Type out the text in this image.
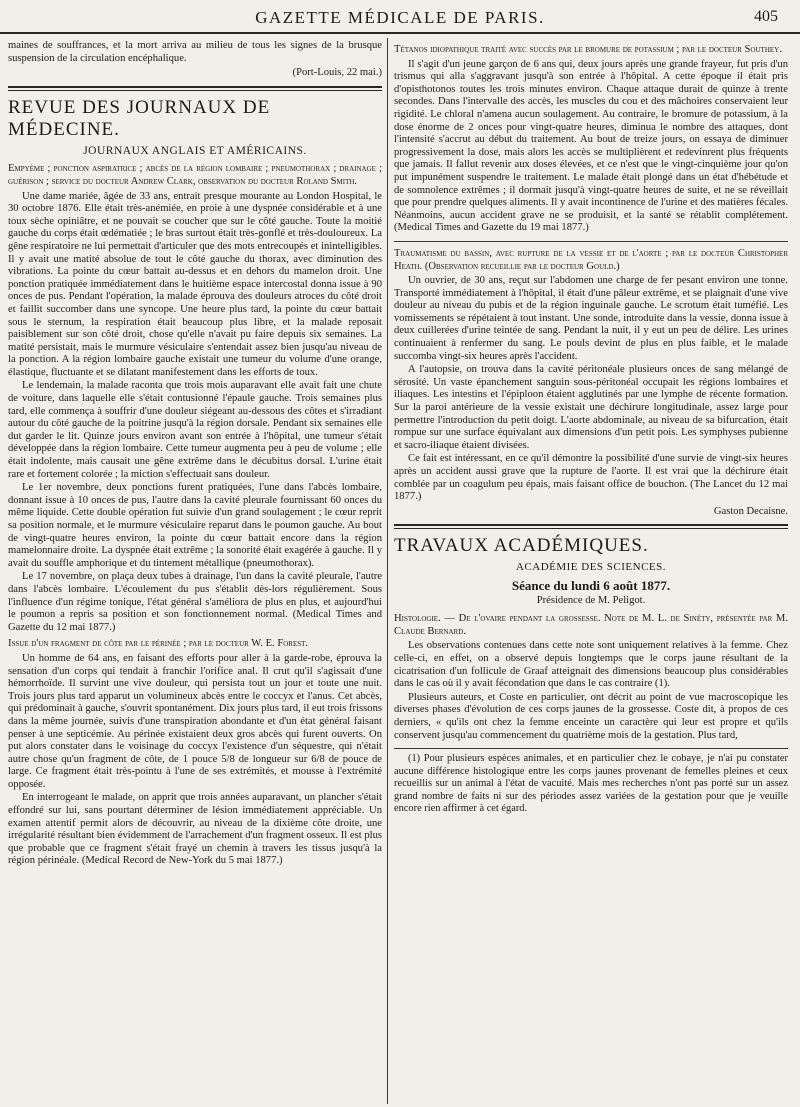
GAZETTE MÉDICALE DE PARIS.	405

maines de souffrances, et la mort arriva au milieu de tous les signes de la brusque suspension de la circulation encéphalique.

(Port-Louis, 22 mai.)

REVUE DES JOURNAUX DE MÉDECINE.
JOURNAUX ANGLAIS ET AMÉRICAINS.

Empyème ; ponction aspiratrice ; abcès de la région lombaire ; pneumothorax ; drainage ; guérison ; service du docteur Andrew Clark, observation du docteur Roland Smith.

Une dame mariée, âgée de 33 ans, entrait presque mourante au London Hospital, le 30 octobre 1876. Elle était très-anémiée, en proie à une dyspnée considérable et à une toux sèche opiniâtre, et ne pouvait se coucher que sur le côté gauche. Toute la moitié gauche du corps était œdématiée ; le bras surtout était très-gonflé et très-douloureux. La gêne respiratoire ne lui permettait d'articuler que des mots entrecoupés et inintelligibles. Il y avait une matité absolue de tout le côté gauche du thorax, avec diminution des vibrations. La pointe du cœur battait au-dessus et en dehors du mamelon droit. Une ponction pratiquée immédiatement dans le huitième espace intercostal donna issue à 90 onces de pus. Pendant l'opération, la malade éprouva des douleurs atroces du côté droit et faillit succomber dans une syncope. Une heure plus tard, la pointe du cœur battait sous le sternum, la respiration était beaucoup plus libre, et la malade reposait paisiblement sur son côté droit, chose qu'elle n'avait pu faire depuis six semaines. La matité persistait, mais le murmure vésiculaire s'entendait assez bien jusqu'au niveau de la ponction. A la région lombaire gauche existait une tumeur du volume d'une orange, élastique, fluctuante et se dilatant manifestement dans les efforts de toux.

Le lendemain, la malade raconta que trois mois auparavant elle avait fait une chute de voiture, dans laquelle elle s'était contusionné l'épaule gauche. Trois semaines plus tard, elle commença à souffrir d'une douleur siégeant au-dessous des côtes et s'irradiant autour du côté gauche de la poitrine jusqu'à la région dorsale. Pendant six semaines elle dut garder le lit. Quinze jours environ avant son entrée à l'hôpital, une tumeur s'était développée dans la région lombaire. Cette tumeur augmenta peu à peu de volume ; elle était indolente, mais causait une gêne extrême dans le décubitus dorsal. L'urine était rare et fortement colorée ; la miction s'effectuait sans douleur.

Le 1er novembre, deux ponctions furent pratiquées, l'une dans l'abcès lombaire, donnant issue à 10 onces de pus, l'autre dans la cavité pleurale fournissant 60 onces du même liquide. Cette double opération fut suivie d'un grand soulagement ; le cœur reprit sa position normale, et le murmure vésiculaire reparut dans le poumon gauche. Au bout de vingt-quatre heures environ, la pointe du cœur battait encore dans la région mamelonnaire droite. La dyspnée était extrême ; la sonorité était exagérée à gauche. Il y avait du souffle amphorique et du tintement métallique (pneumothorax).

Le 17 novembre, on plaça deux tubes à drainage, l'un dans la cavité pleurale, l'autre dans l'abcès lombaire. L'écoulement du pus s'établit dès-lors régulièrement. Sous l'influence d'un régime tonique, l'état général s'améliora de plus en plus, et aujourd'hui le poumon a repris sa position et son fonctionnement normal. (Medical Times and Gazette du 12 mai 1877.)

Issue d'un fragment de côte par le périnée ; par le docteur W. E. Forest.

Un homme de 64 ans, en faisant des efforts pour aller à la garde-robe, éprouva la sensation d'un corps qui tendait à franchir l'orifice anal. Il crut qu'il s'agissait d'une hémorrhoïde. Il survint une vive douleur, qui persista tout un jour et toute une nuit. Trois jours plus tard apparut un volumineux abcès entre le coccyx et l'anus. Cet abcès, qui prédominait à gauche, s'ouvrit spontanément. Dix jours plus tard, il eut trois frissons dans la même journée, suivis d'une transpiration abondante et d'un état général faisant penser à une septicémie. Au périnée existaient deux gros abcès qui furent ouverts. On put alors constater dans le voisinage du coccyx l'existence d'un séquestre, qui n'était autre chose qu'un fragment de côte, de 1 pouce 5/8 de longueur sur 6/8 de pouce de large. Ce fragment était très-pointu à l'une de ses extrémités, et mousse à l'extrémité opposée.

En interrogeant le malade, on apprit que trois années auparavant, un plancher s'était effondré sur lui, sans pourtant déterminer de lésion immédiatement appréciable. Un examen attentif permit alors de découvrir, au niveau de la dixième côte droite, une irrégularité résultant bien évidemment de l'arrachement d'un fragment osseux. Il est plus que probable que ce fragment s'était frayé un chemin à travers les tissus jusqu'à la région périnéale. (Medical Record de New-York du 5 mai 1877.)

Tétanos idiopathique traité avec succès par le bromure de potassium ; par le docteur Southey.

Il s'agit d'un jeune garçon de 6 ans qui, deux jours après une grande frayeur, fut pris d'un trismus qui alla s'aggravant jusqu'à son entrée à l'hôpital. A cette époque il était pris d'opisthotonos toutes les trois minutes environ. Chaque attaque durait de quinze à trente secondes. Dans l'intervalle des accès, les muscles du cou et des mâchoires conservaient leur rigidité. Le chloral n'amena aucun soulagement. Au contraire, le bromure de potassium, à la dose énorme de 2 onces pour vingt-quatre heures, diminua le nombre des attaques, dont l'intensité s'accrut au début du traitement. Au bout de treize jours, on essaya de diminuer progressivement la dose, mais alors les accès se multiplièrent et redevinrent plus fréquents que jamais. Il fallut revenir aux doses élevées, et ce n'est que le vingt-cinquième jour qu'on put impunément suspendre le traitement. Le malade était plongé dans un état d'hébétude et de somnolence extrêmes ; il dormait jusqu'à vingt-quatre heures de suite, et ne se réveillait que pour prendre quelques aliments. Il y avait incontinence de l'urine et des matières fécales. Néanmoins, aucun accident grave ne se produisit, et la santé se rétablit complétement. (Medical Times and Gazette du 19 mai 1877.)

Traumatisme du bassin, avec rupture de la vessie et de l'aorte ; par le docteur Christopher Heath. (Observation recueillie par le docteur Gould.)

Un ouvrier, de 30 ans, reçut sur l'abdomen une charge de fer pesant environ une tonne. Transporté immédiatement à l'hôpital, il était d'une pâleur extrême, et se plaignait d'une vive douleur au niveau du pubis et de la région inguinale gauche. Le scrotum était tuméfié. Les vomissements se répétaient à tout instant. Une sonde, introduite dans la vessie, donna issue à deux cuillerées d'urine teintée de sang. Pendant la nuit, il y eut un peu de délire. Les urines continuaient à renfermer du sang. Le pouls devint de plus en plus faible, et le malade succomba vingt-six heures après l'accident.

A l'autopsie, on trouva dans la cavité péritonéale plusieurs onces de sang mélangé de sérosité. Un vaste épanchement sanguin sous-péritonéal occupait les régions lombaires et iliaques. Les intestins et l'épiploon étaient agglutinés par une lymphe de récente formation. Sur la paroi antérieure de la vessie existait une déchirure longitudinale, assez large pour permettre l'introduction du petit doigt. L'aorte abdominale, au niveau de sa bifurcation, était rompue sur une surface équivalant aux dimensions d'un petit pois. Les symphyses pubienne et sacro-iliaque étaient divisées.

Ce fait est intéressant, en ce qu'il démontre la possibilité d'une survie de vingt-six heures après un accident aussi grave que la rupture de l'aorte. Il est vrai que la déchirure était comblée par un coagulum peu épais, mais faisant office de bouchon. (The Lancet du 12 mai 1877.)

Gaston Decaisne.

TRAVAUX ACADÉMIQUES.
ACADÉMIE DES SCIENCES.
Séance du lundi 6 août 1877.
Présidence de M. Peligot.

Histologie. — De l'ovaire pendant la grossesse. Note de M. L. de Sinéty, présentée par M. Claude Bernard.

Les observations contenues dans cette note sont uniquement relatives à la femme. Chez celle-ci, en effet, on a observé depuis longtemps que le corps jaune résultant de la cicatrisation d'un follicule de Graaf atteignait des dimensions beaucoup plus considérables dans le cas où il y avait fécondation que dans le cas contraire (1).

Plusieurs auteurs, et Coste en particulier, ont décrit au point de vue macroscopique les diverses phases d'évolution de ces corps jaunes de la grossesse. Coste dit, à propos de ces derniers, « qu'ils ont chez la femme enceinte un caractère qui leur est propre et qu'ils conservent jusqu'au commencement du quatrième mois de la gestation. Plus tard,

(1) Pour plusieurs espèces animales, et en particulier chez le cobaye, je n'ai pu constater aucune différence histologique entre les corps jaunes provenant de femelles pleines et ceux recueillis sur un animal à l'état de vacuité. Mais mes recherches n'ont pas porté sur un assez grand nombre de faits ni sur des périodes assez variées de la gestation pour que je veuille encore rien affirmer à cet égard.
